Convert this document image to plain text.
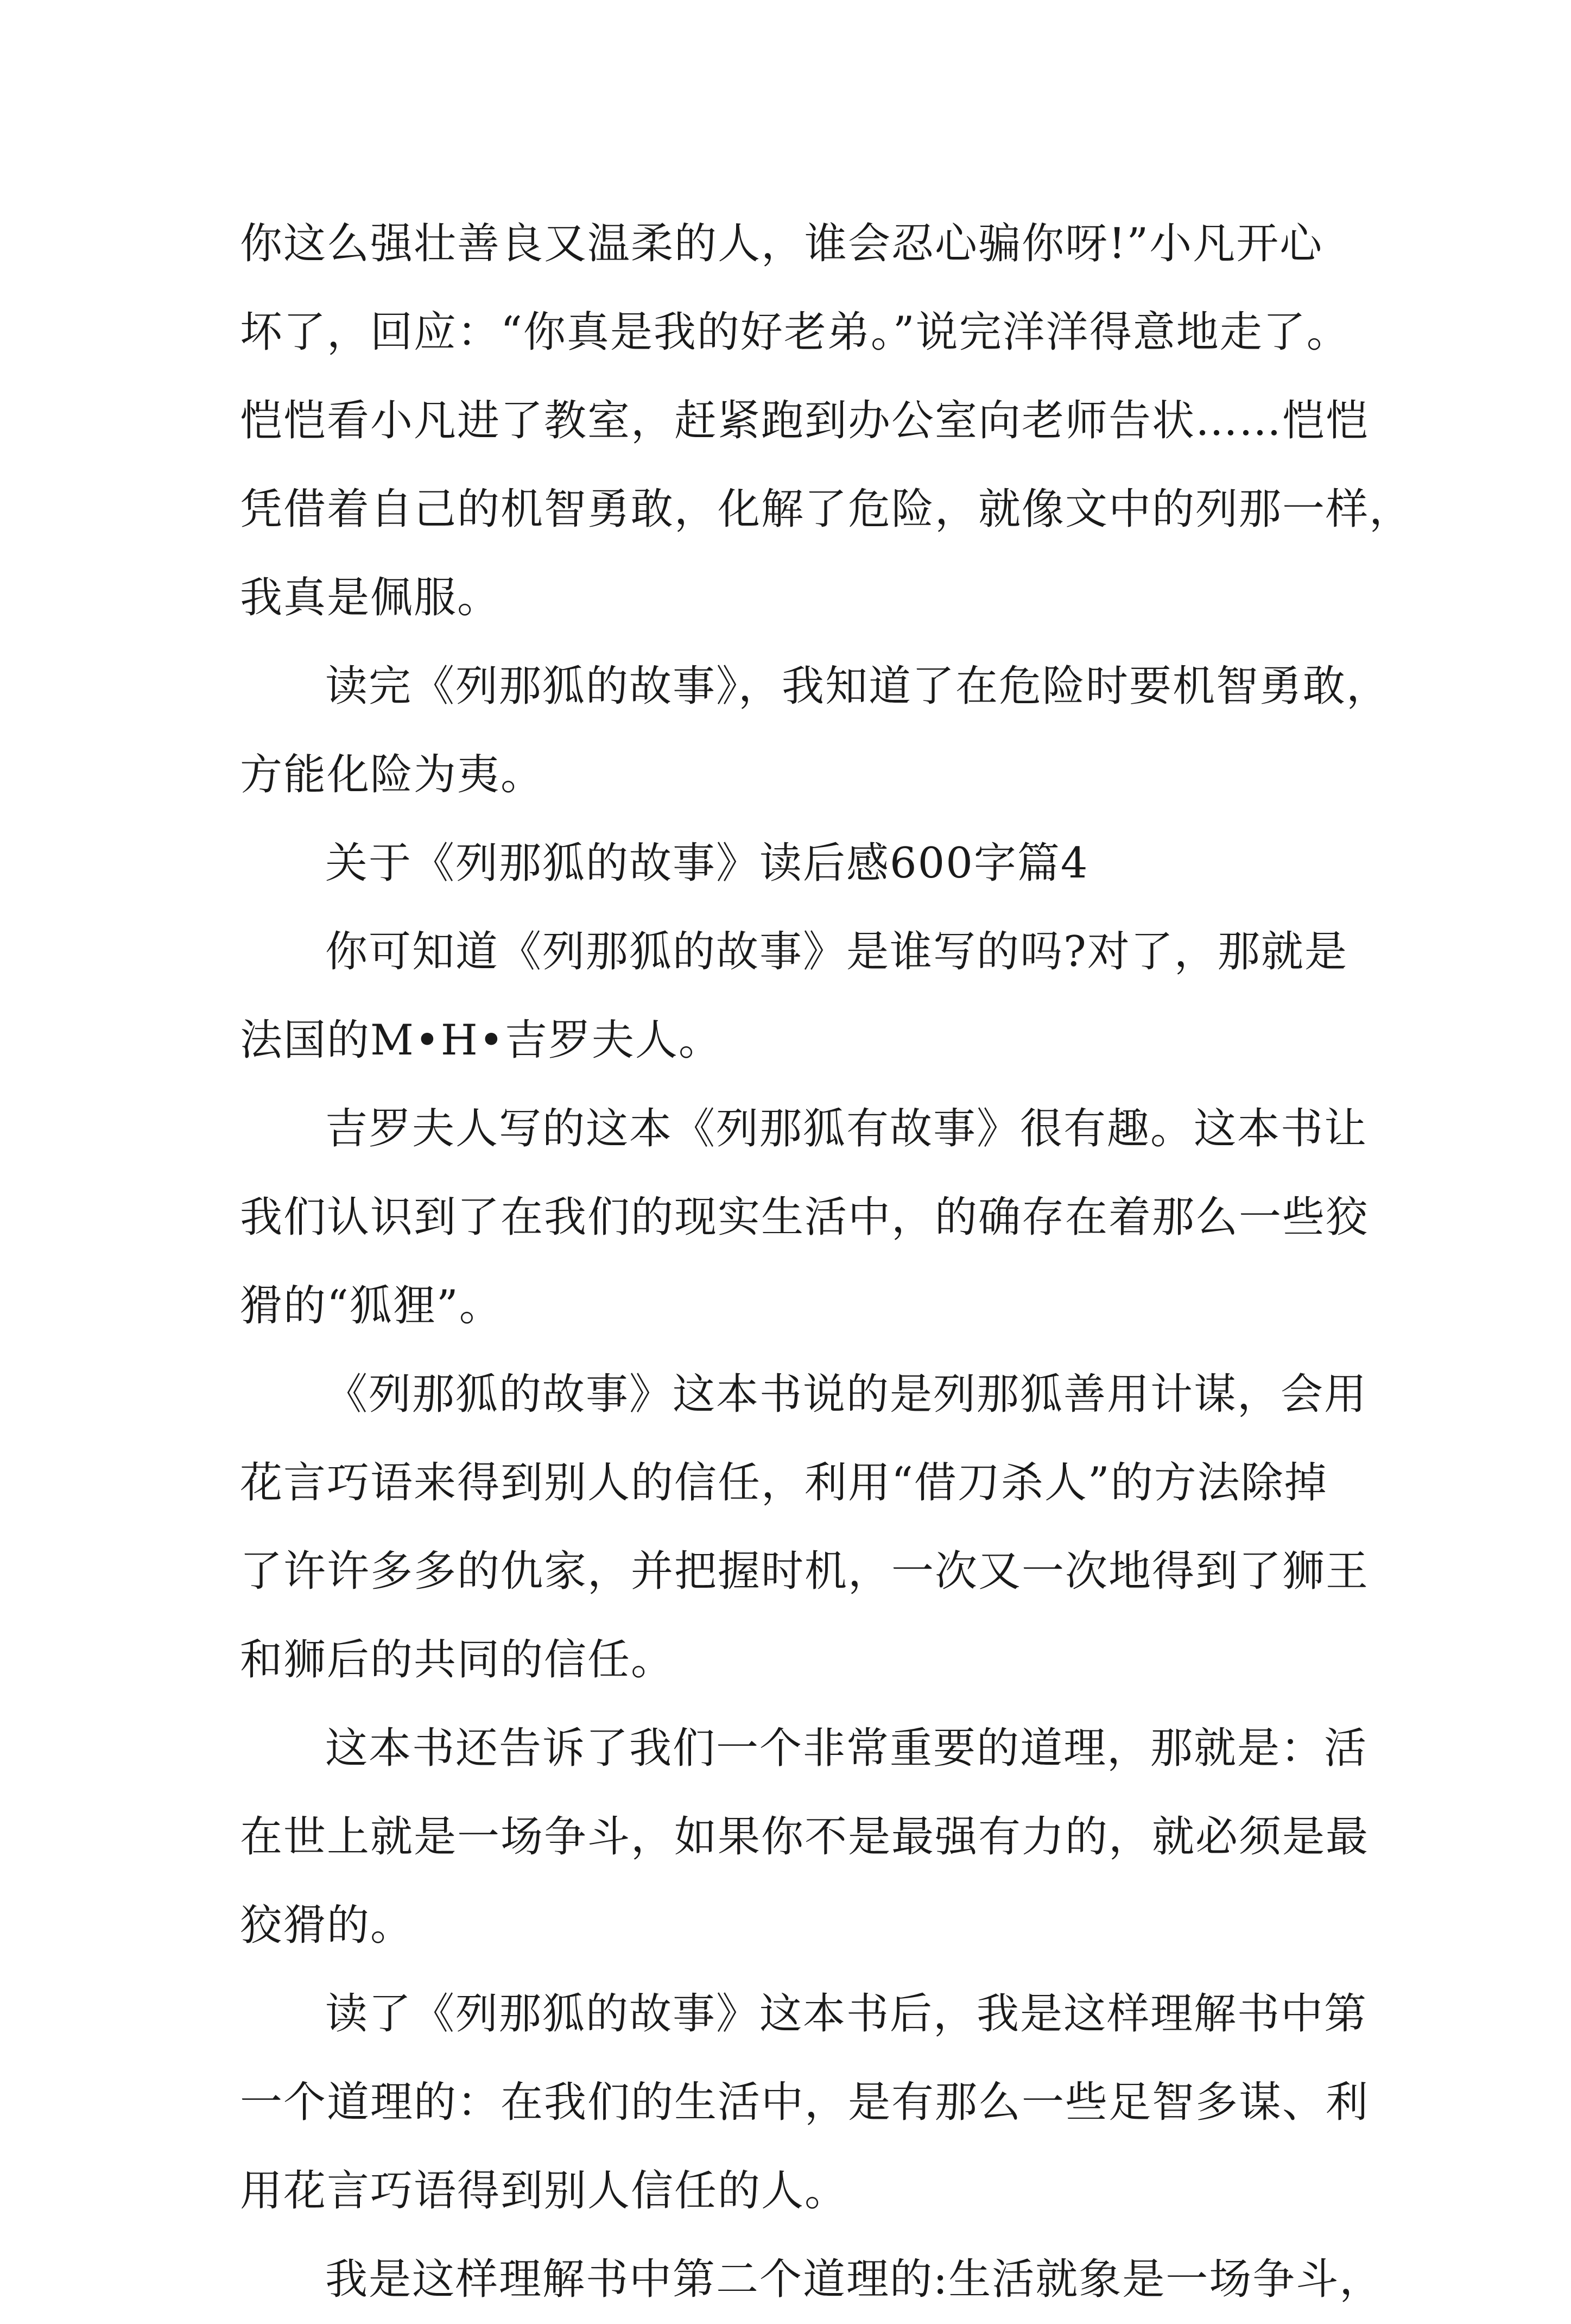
你这么强壮善良又温柔的人，谁会忍心骗你呀!”小凡开心
坏了，回应：“你真是我的好老弟。”说完洋洋得意地走了。
恺恺看小凡进了教室，赶紧跑到办公室向老师告状……恺恺
凭借着自己的机智勇敢，化解了危险，就像文中的列那一样，
我真是佩服。
读完《列那狐的故事》，我知道了在危险时要机智勇敢，
方能化险为夷。
关于《列那狐的故事》读后感600字篇4
你可知道《列那狐的故事》是谁写的吗?对了，那就是
法国的M•H•吉罗夫人。
吉罗夫人写的这本《列那狐有故事》很有趣。这本书让
我们认识到了在我们的现实生活中，的确存在着那么一些狡
猾的“狐狸”。
《列那狐的故事》这本书说的是列那狐善用计谋，会用
花言巧语来得到别人的信任，利用“借刀杀人”的方法除掉
了许许多多的仇家，并把握时机，一次又一次地得到了狮王
和狮后的共同的信任。
这本书还告诉了我们一个非常重要的道理，那就是：活
在世上就是一场争斗，如果你不是最强有力的，就必须是最
狡猾的。
读了《列那狐的故事》这本书后，我是这样理解书中第
一个道理的：在我们的生活中，是有那么一些足智多谋、利
用花言巧语得到别人信任的人。
我是这样理解书中第二个道理的:生活就象是一场争斗，
